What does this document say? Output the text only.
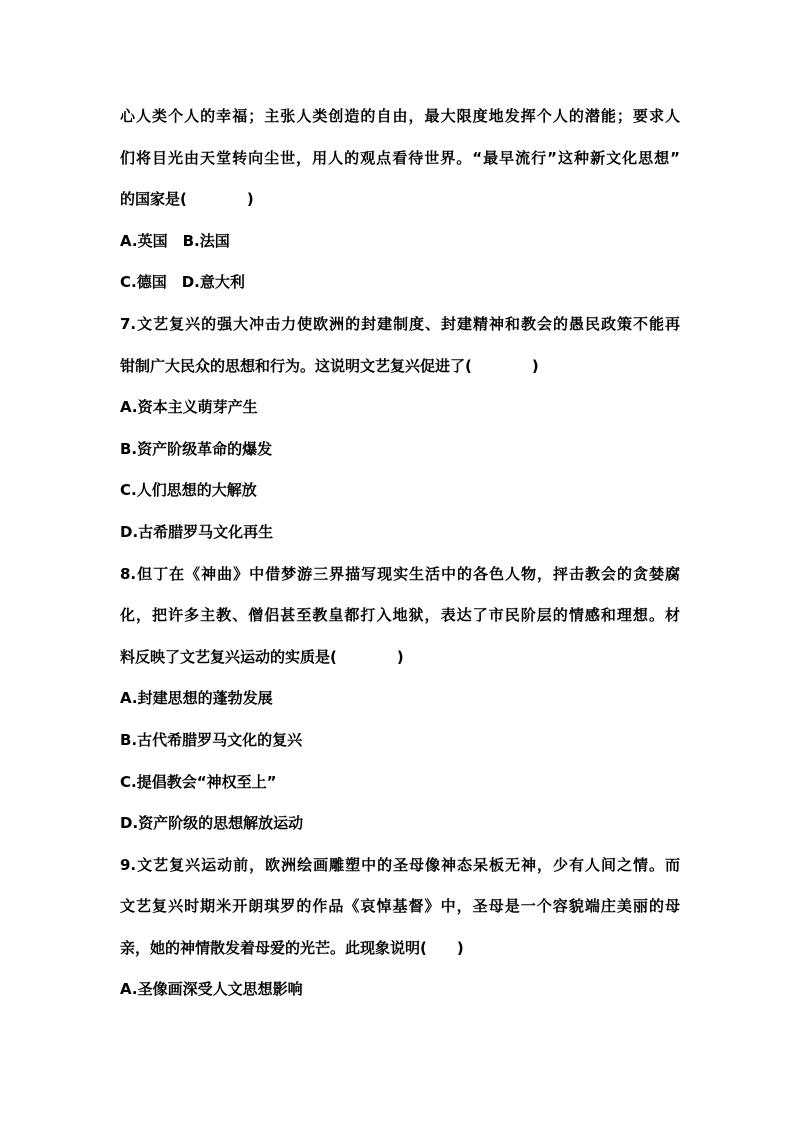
心人类个人的幸福；主张人类创造的自由，最大限度地发挥个人的潜能；要求人
们将目光由天堂转向尘世，用人的观点看待世界。“最早流行”这种新文化思想”
的国家是(　　　　)
A.英国　B.法国
C.德国　D.意大利
7.文艺复兴的强大冲击力使欧洲的封建制度、封建精神和教会的愚民政策不能再
钳制广大民众的思想和行为。这说明文艺复兴促进了(　　　　)
A.资本主义萌芽产生
B.资产阶级革命的爆发
C.人们思想的大解放
D.古希腊罗马文化再生
8.但丁在《神曲》中借梦游三界描写现实生活中的各色人物，抨击教会的贪婪腐
化，把许多主教、僧侣甚至教皇都打入地狱，表达了市民阶层的情感和理想。材
料反映了文艺复兴运动的实质是(　　　　)
A.封建思想的蓬勃发展
B.古代希腊罗马文化的复兴
C.提倡教会“神权至上”
D.资产阶级的思想解放运动
9.文艺复兴运动前，欧洲绘画雕塑中的圣母像神态呆板无神，少有人间之情。而
文艺复兴时期米开朗琪罗的作品《哀悼基督》中，圣母是一个容貌端庄美丽的母
亲，她的神情散发着母爱的光芒。此现象说明(　　)
A.圣像画深受人文思想影响
